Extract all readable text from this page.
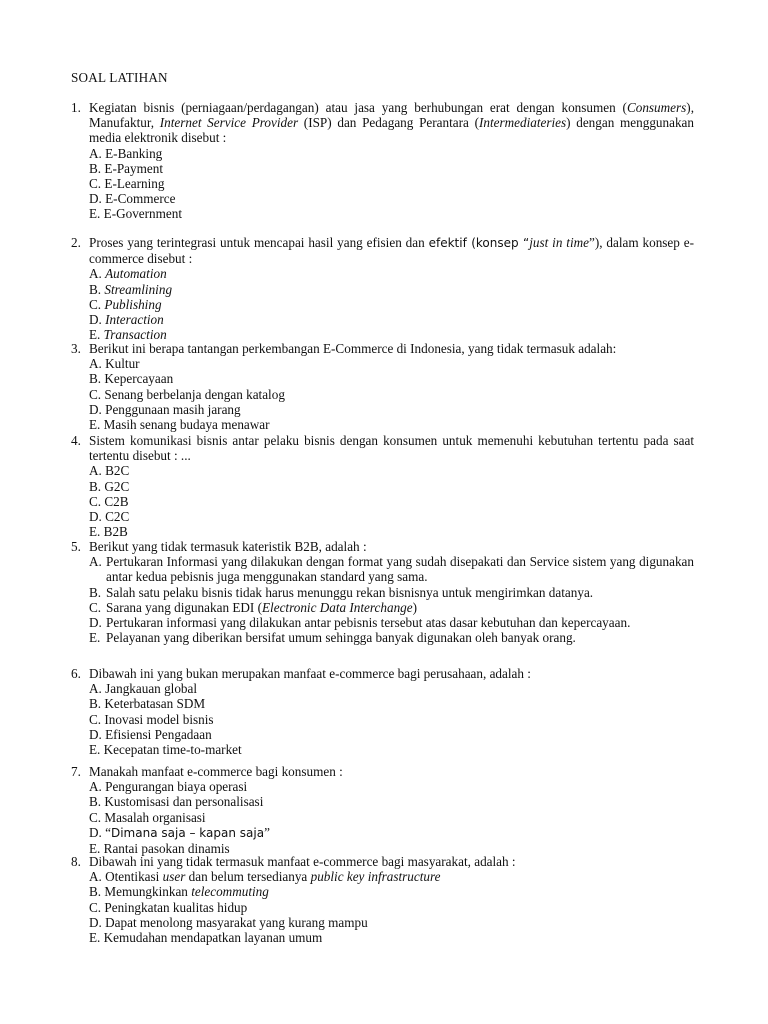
SOAL LATIHAN
1. Kegiatan bisnis (perniagaan/perdagangan) atau jasa yang berhubungan erat dengan konsumen (Consumers), Manufaktur, Internet Service Provider (ISP) dan Pedagang Perantara (Intermediateries) dengan menggunakan media elektronik disebut :
A. E-Banking
B. E-Payment
C. E-Learning
D. E-Commerce
E. E-Government
2. Proses yang terintegrasi untuk mencapai hasil yang efisien dan efektif (konsep “just in time”), dalam konsep e-commerce disebut :
A. Automation
B. Streamlining
C. Publishing
D. Interaction
E. Transaction
3. Berikut ini berapa tantangan perkembangan E-Commerce di Indonesia, yang tidak termasuk adalah:
A. Kultur
B. Kepercayaan
C. Senang berbelanja dengan katalog
D. Penggunaan masih jarang
E. Masih senang budaya menawar
4. Sistem komunikasi bisnis antar pelaku bisnis dengan konsumen untuk memenuhi kebutuhan tertentu pada saat tertentu disebut : ...
A. B2C
B. G2C
C. C2B
D. C2C
E. B2B
5. Berikut yang tidak termasuk kateristik B2B, adalah :
A. Pertukaran Informasi yang dilakukan dengan format yang sudah disepakati dan Service sistem yang digunakan antar kedua pebisnis juga menggunakan standard yang sama.
B. Salah satu pelaku bisnis tidak harus menunggu rekan bisnisnya untuk mengirimkan datanya.
C. Sarana yang digunakan EDI (Electronic Data Interchange)
D. Pertukaran informasi yang dilakukan antar pebisnis tersebut atas dasar kebutuhan dan kepercayaan.
E. Pelayanan yang diberikan bersifat umum sehingga banyak digunakan oleh banyak orang.
6. Dibawah ini yang bukan merupakan manfaat e-commerce bagi perusahaan, adalah :
A. Jangkauan global
B. Keterbatasan SDM
C. Inovasi model bisnis
D. Efisiensi Pengadaan
E. Kecepatan time-to-market
7. Manakah manfaat e-commerce bagi konsumen :
A. Pengurangan biaya operasi
B. Kustomisasi dan personalisasi
C. Masalah organisasi
D. “Dimana saja – kapan saja”
E. Rantai pasokan dinamis
8. Dibawah ini yang tidak termasuk manfaat e-commerce bagi masyarakat, adalah :
A. Otentikasi user dan belum tersedianya public key infrastructure
B. Memungkinkan telecommuting
C. Peningkatan kualitas hidup
D. Dapat menolong masyarakat yang kurang mampu
E. Kemudahan mendapatkan layanan umum
